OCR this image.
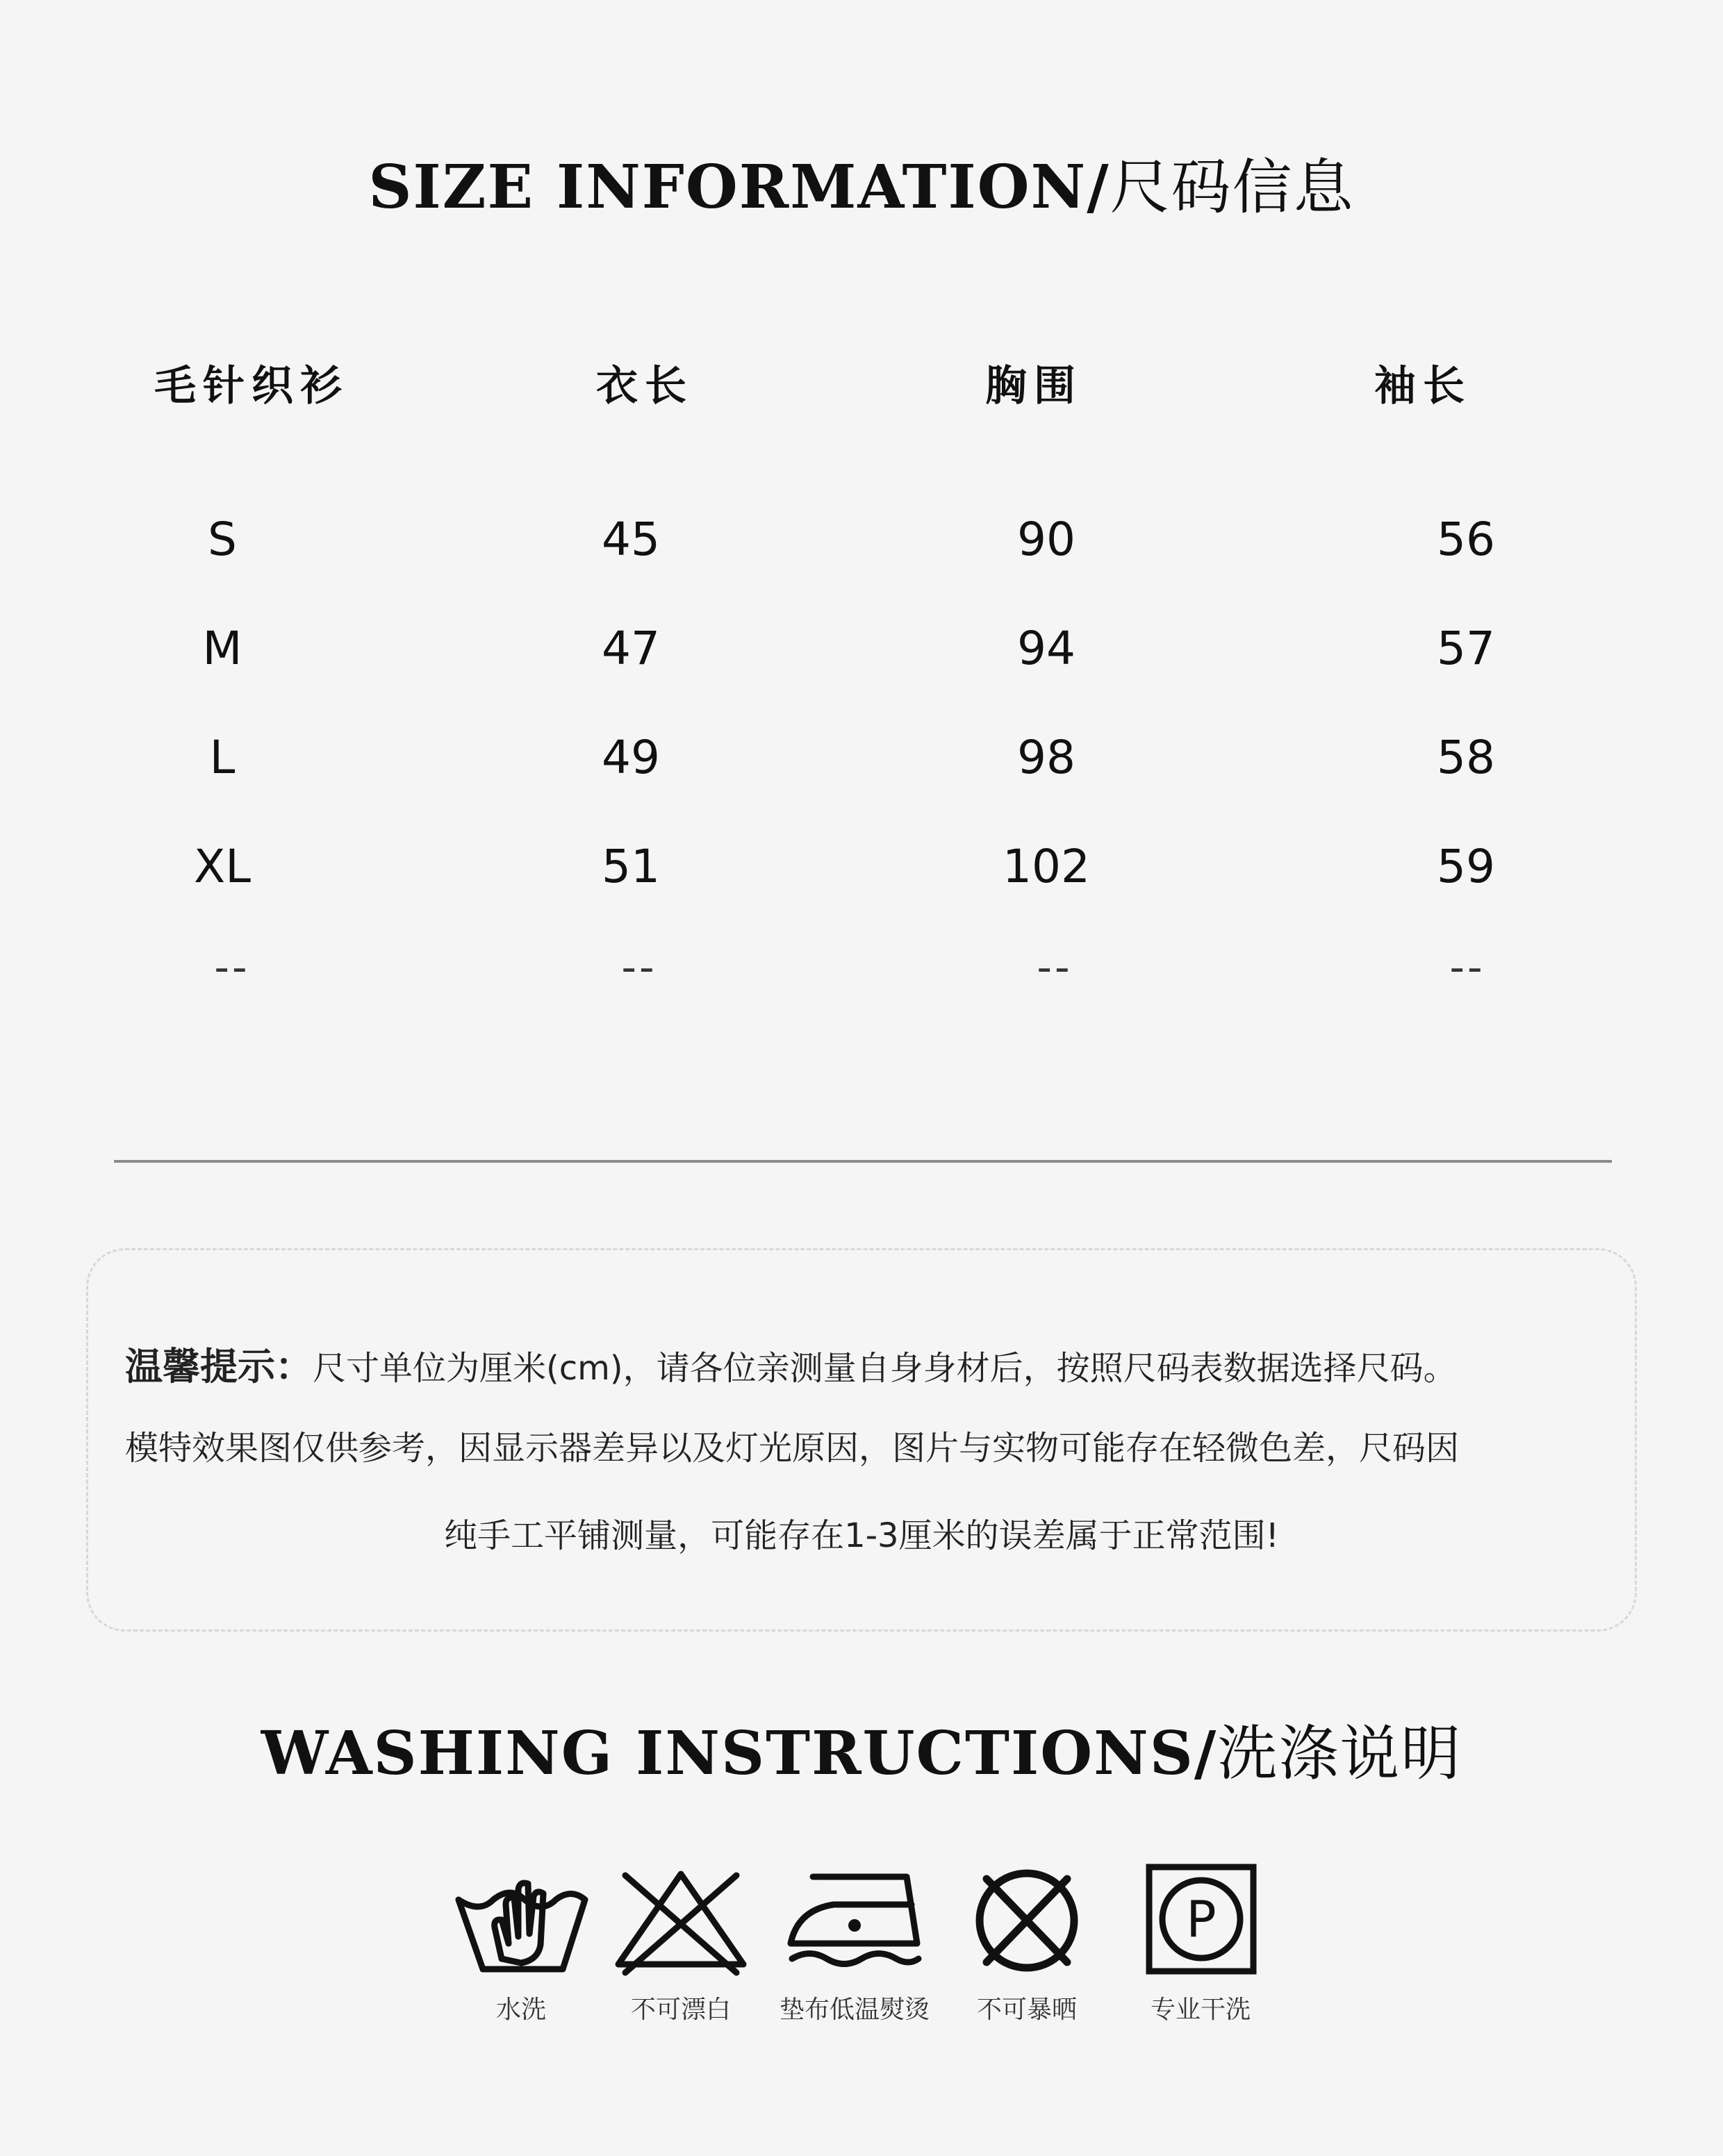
SIZE INFORMATION/尺码信息
毛针织衫	衣长	胸围	袖长
S	45	90	56
M	47	94	57
L	49	98	58
XL	51	102	59
--	--	--	--
温馨提示：尺寸单位为厘米(cm)，请各位亲测量自身身材后，按照尺码表数据选择尺码。
模特效果图仅供参考，因显示器差异以及灯光原因，图片与实物可能存在轻微色差，尺码因
纯手工平铺测量，可能存在1-3厘米的误差属于正常范围!
WASHING INSTRUCTIONS/洗涤说明
水洗	不可漂白	垫布低温熨烫	不可暴晒
P
专业干洗
